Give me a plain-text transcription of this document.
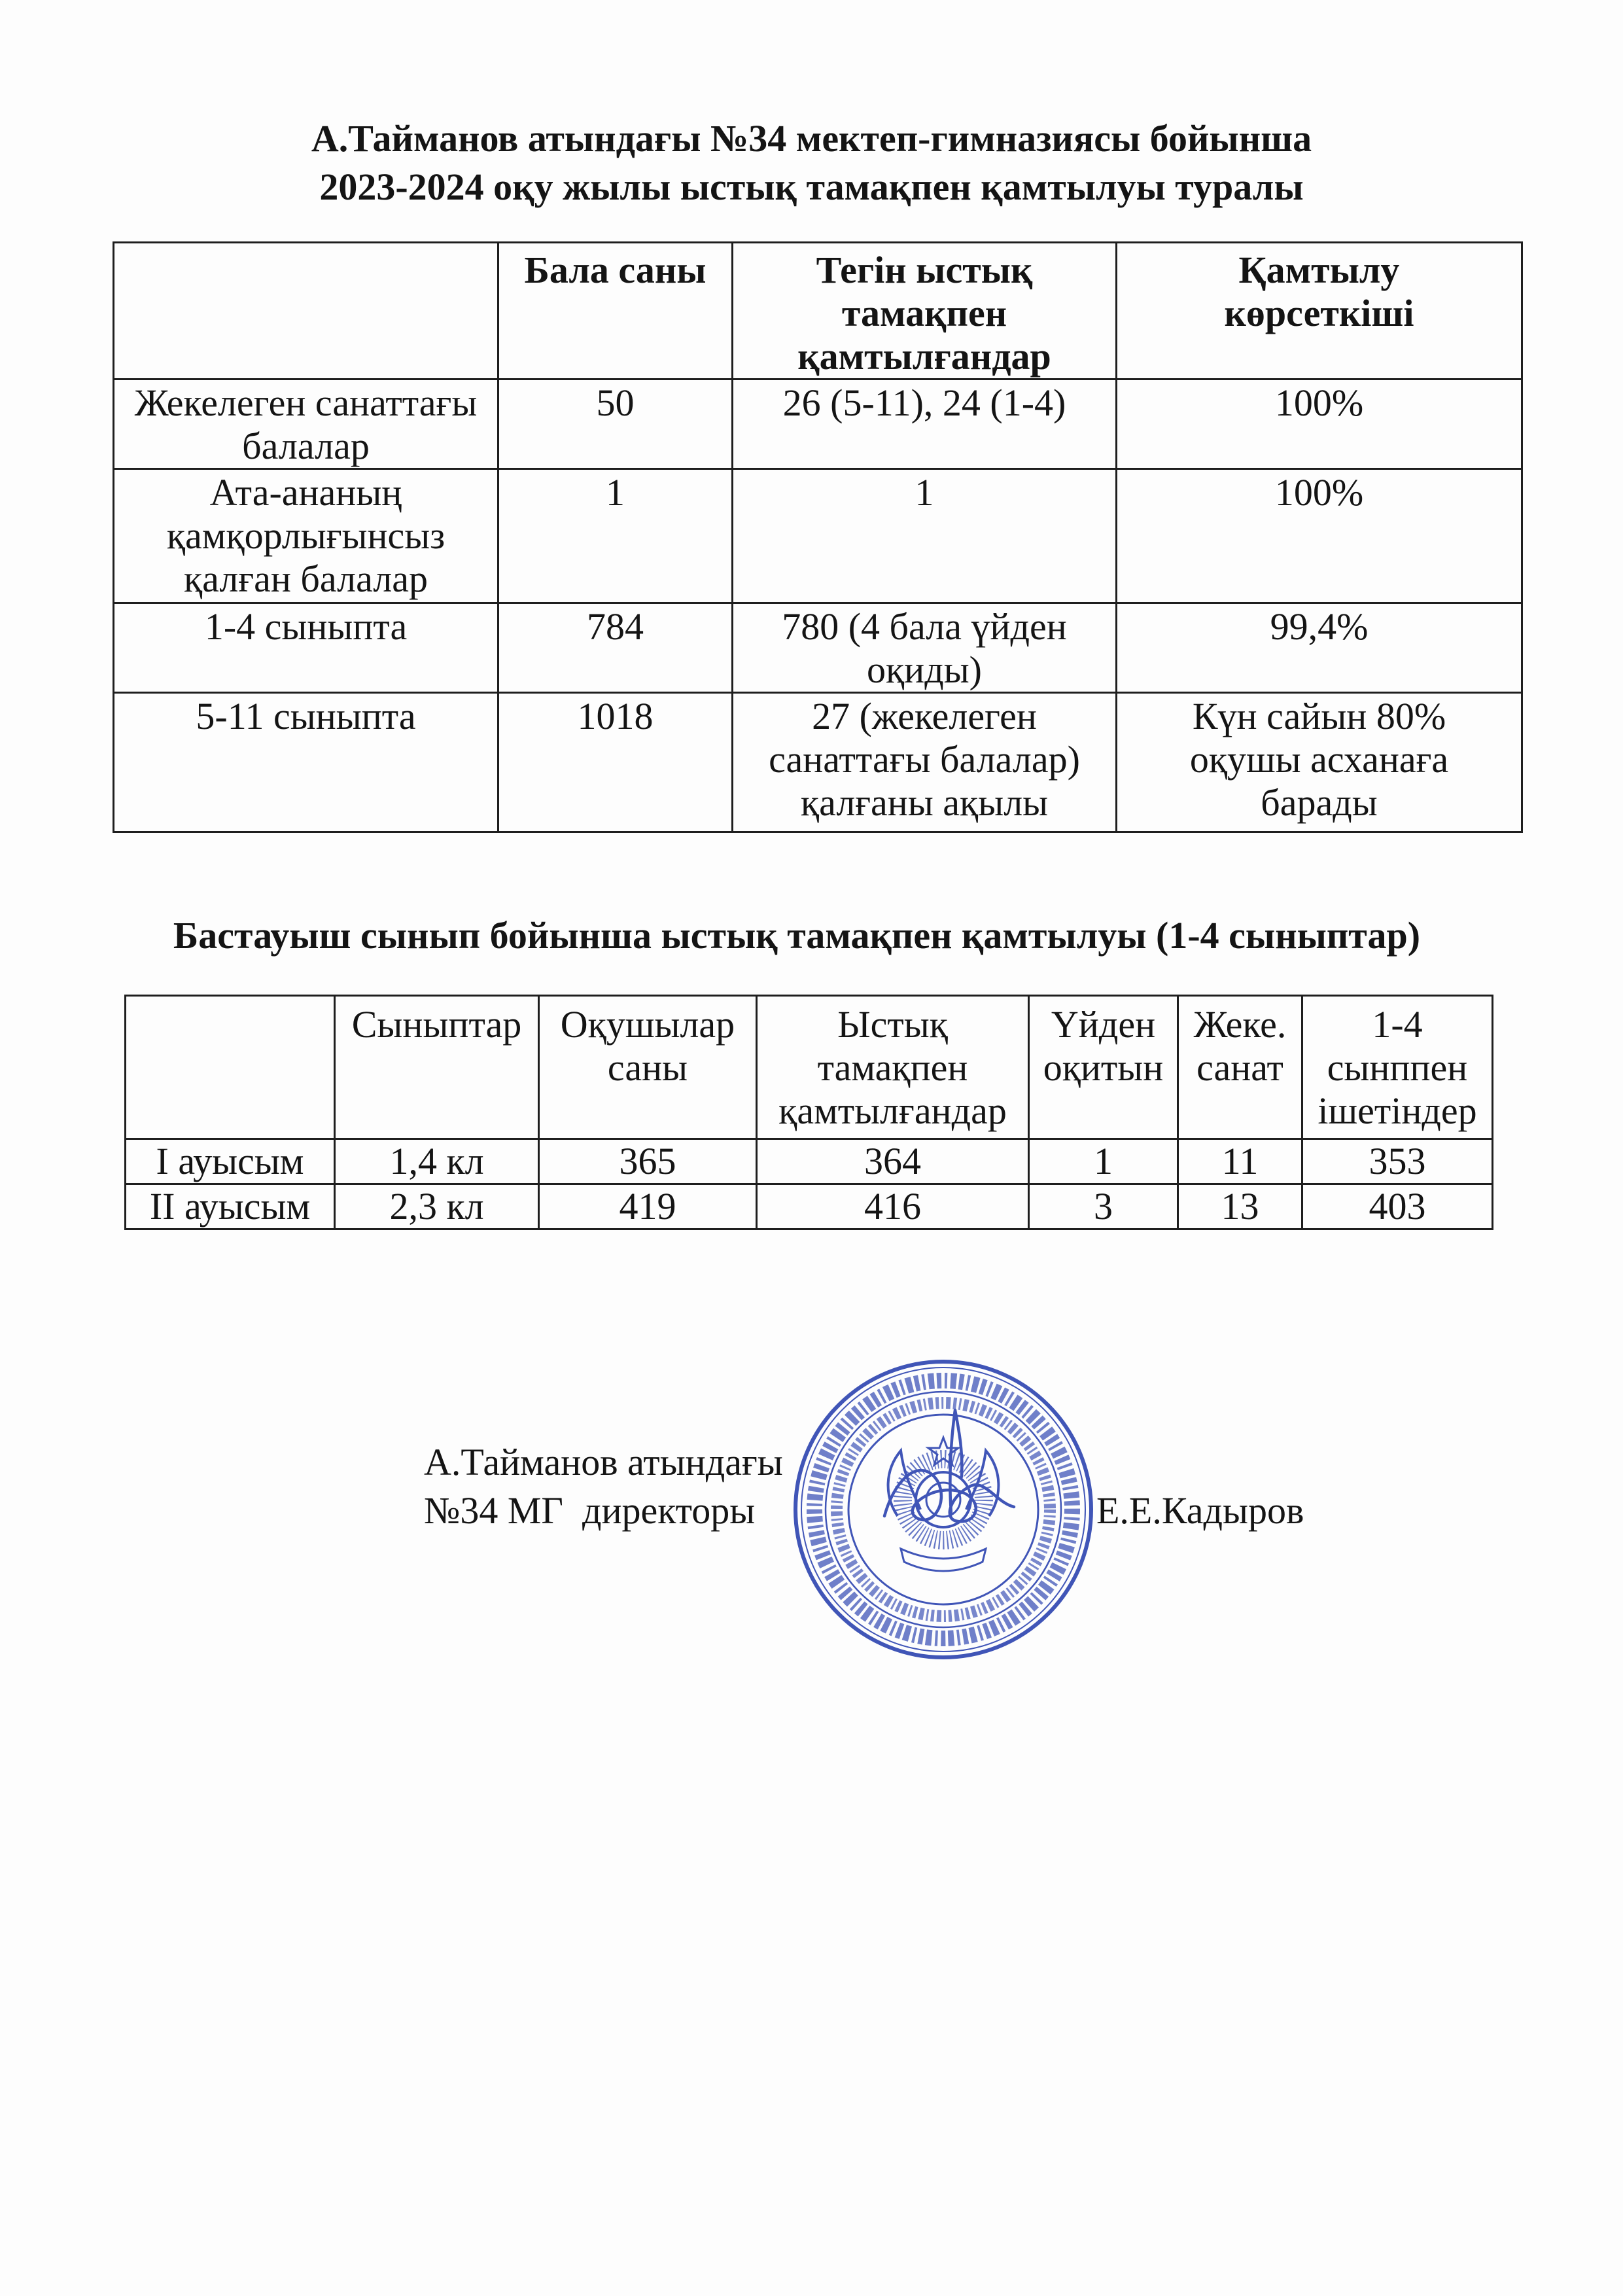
А.Тайманов атындағы №34 мектеп-гимназиясы бойынша
2023-2024 оқу жылы ыстық тамақпен қамтылуы туралы
	Бала саны	Тегін ыстық тамақпен қамтылғандар	Қамтылу көрсеткіші
Жекелеген санаттағы балалар	50	26 (5-11), 24 (1-4)	100%
Ата-ананың қамқорлығынсыз қалған балалар	1	1	100%
1-4 сыныпта	784	780 (4 бала үйден оқиды)	99,4%
5-11 сыныпта	1018	27 (жекелеген санаттағы балалар) қалғаны ақылы	Күн сайын 80% оқушы асханаға барады
Бастауыш сынып бойынша ыстық тамақпен қамтылуы (1-4 сыныптар)
	Сыныптар	Оқушылар саны	Ыстық тамақпен қамтылғандар	Үйден оқитын	Жеке. санат	1-4 сынппен ішетіндер
I ауысым	1,4 кл	365	364	1	11	353
II ауысым	2,3 кл	419	416	3	13	403
А.Тайманов атындағы
№34 МГ  директоры	Е.Е.Кадыров
